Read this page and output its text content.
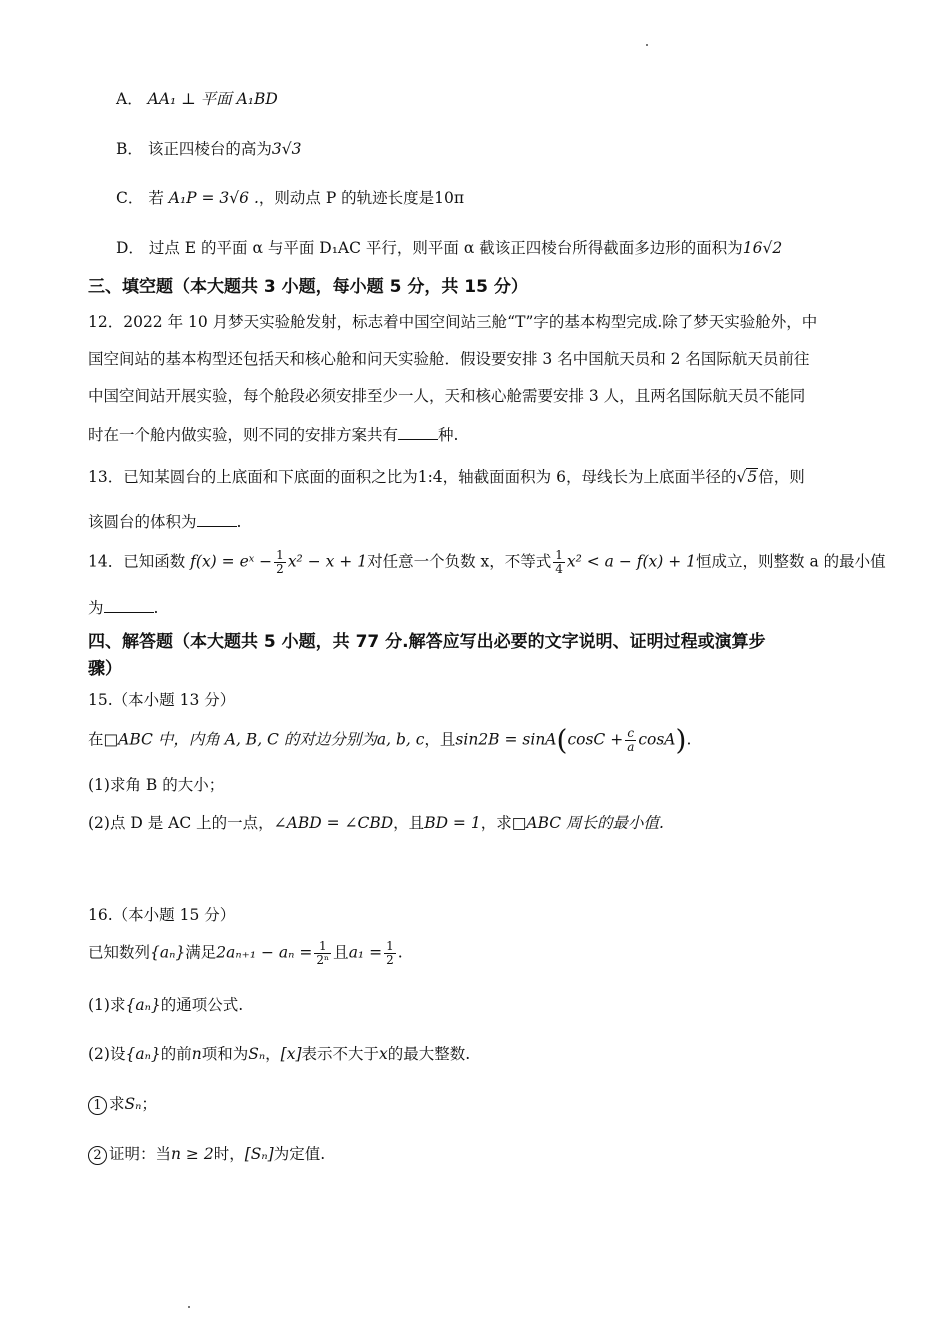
A． AA₁ ⊥ 平面 A₁BD
B． 该正四棱台的高为3√3
C． 若 A₁P = 3√6 .，则动点 P 的轨迹长度是10π
D． 过点 E 的平面 α 与平面 D₁AC 平行，则平面 α 截该正四棱台所得截面多边形的面积为16√2
三、填空题（本大题共 3 小题，每小题 5 分，共 15 分）
12．2022 年 10 月梦天实验舱发射，标志着中国空间站三舱“T”字的基本构型完成.除了梦天实验舱外，中
国空间站的基本构型还包括天和核心舱和问天实验舱．假设要安排 3 名中国航天员和 2 名国际航天员前往
中国空间站开展实验，每个舱段必须安排至少一人，天和核心舱需要安排 3 人，且两名国际航天员不能同
时在一个舱内做实验，则不同的安排方案共有	种.
13．已知某圆台的上底面和下底面的面积之比为1:4，轴截面面积为 6，母线长为上底面半径的√5倍，则
该圆台的体积为	.
14．已知函数 f(x) = eˣ − $\frac{1}{2} x^2 - x + 1$对任意一个负数 x，不等式 $\frac{1}{4} x^2 < a - f(x) + 1$恒成立，则整数 a 的最小值
为	.
四、解答题（本大题共 5 小题，共 77 分.解答应写出必要的文字说明、证明过程或演算步
骤）
15.（本小题 13 分）
在□ABC 中，内角 A, B, C 的对边分别为a, b, c，且$\sin 2B = \sin A(\cos C + \frac{c}{a} \cos A)$.
(1)求角 B 的大小；
(2)点 D 是 AC 上的一点，∠ABD = ∠CBD，且BD = 1，求□ABC 周长的最小值.
16.（本小题 15 分）
已知数列{aₙ}满足$2a_{n+1} - a_n = \frac{1}{\text{2ⁿ}}$ 且$a_1 = \frac{1}{2}$ .
(1)求{aₙ}的通项公式.
(2)设{aₙ}的前n项和为Sₙ，[x]表示不大于x的最大整数.
1 求Sₙ；
2 证明：当n ≥ 2时，[Sₙ]为定值.
